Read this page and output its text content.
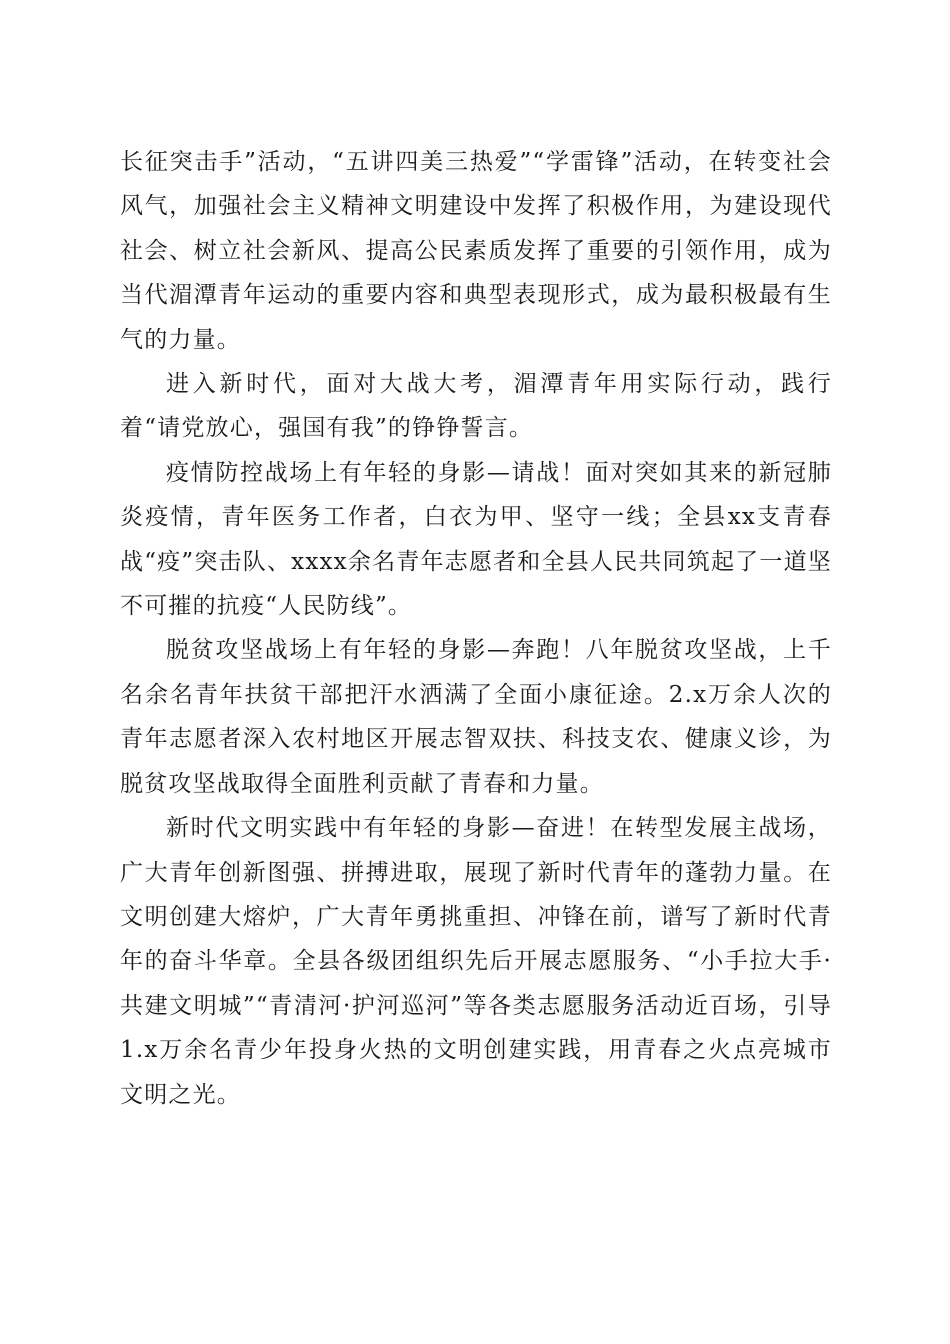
长征突击手”活动，“五讲四美三热爱”“学雷锋”活动，在转变社会风气，加强社会主义精神文明建设中发挥了积极作用，为建设现代社会、树立社会新风、提高公民素质发挥了重要的引领作用，成为当代湄潭青年运动的重要内容和典型表现形式，成为最积极最有生气的力量。

进入新时代，面对大战大考，湄潭青年用实际行动，践行着“请党放心，强国有我”的铮铮誓言。

疫情防控战场上有年轻的身影—请战！面对突如其来的新冠肺炎疫情，青年医务工作者，白衣为甲、坚守一线；全县xx支青春战“疫”突击队、xxxx余名青年志愿者和全县人民共同筑起了一道坚不可摧的抗疫“人民防线”。

脱贫攻坚战场上有年轻的身影—奔跑！八年脱贫攻坚战，上千名余名青年扶贫干部把汗水洒满了全面小康征途。2.x万余人次的青年志愿者深入农村地区开展志智双扶、科技支农、健康义诊，为脱贫攻坚战取得全面胜利贡献了青春和力量。

新时代文明实践中有年轻的身影—奋进！在转型发展主战场，广大青年创新图强、拼搏进取，展现了新时代青年的蓬勃力量。在文明创建大熔炉，广大青年勇挑重担、冲锋在前，谱写了新时代青年的奋斗华章。全县各级团组织先后开展志愿服务、“小手拉大手·共建文明城”“青清河·护河巡河”等各类志愿服务活动近百场，引导1.x万余名青少年投身火热的文明创建实践，用青春之火点亮城市文明之光。
